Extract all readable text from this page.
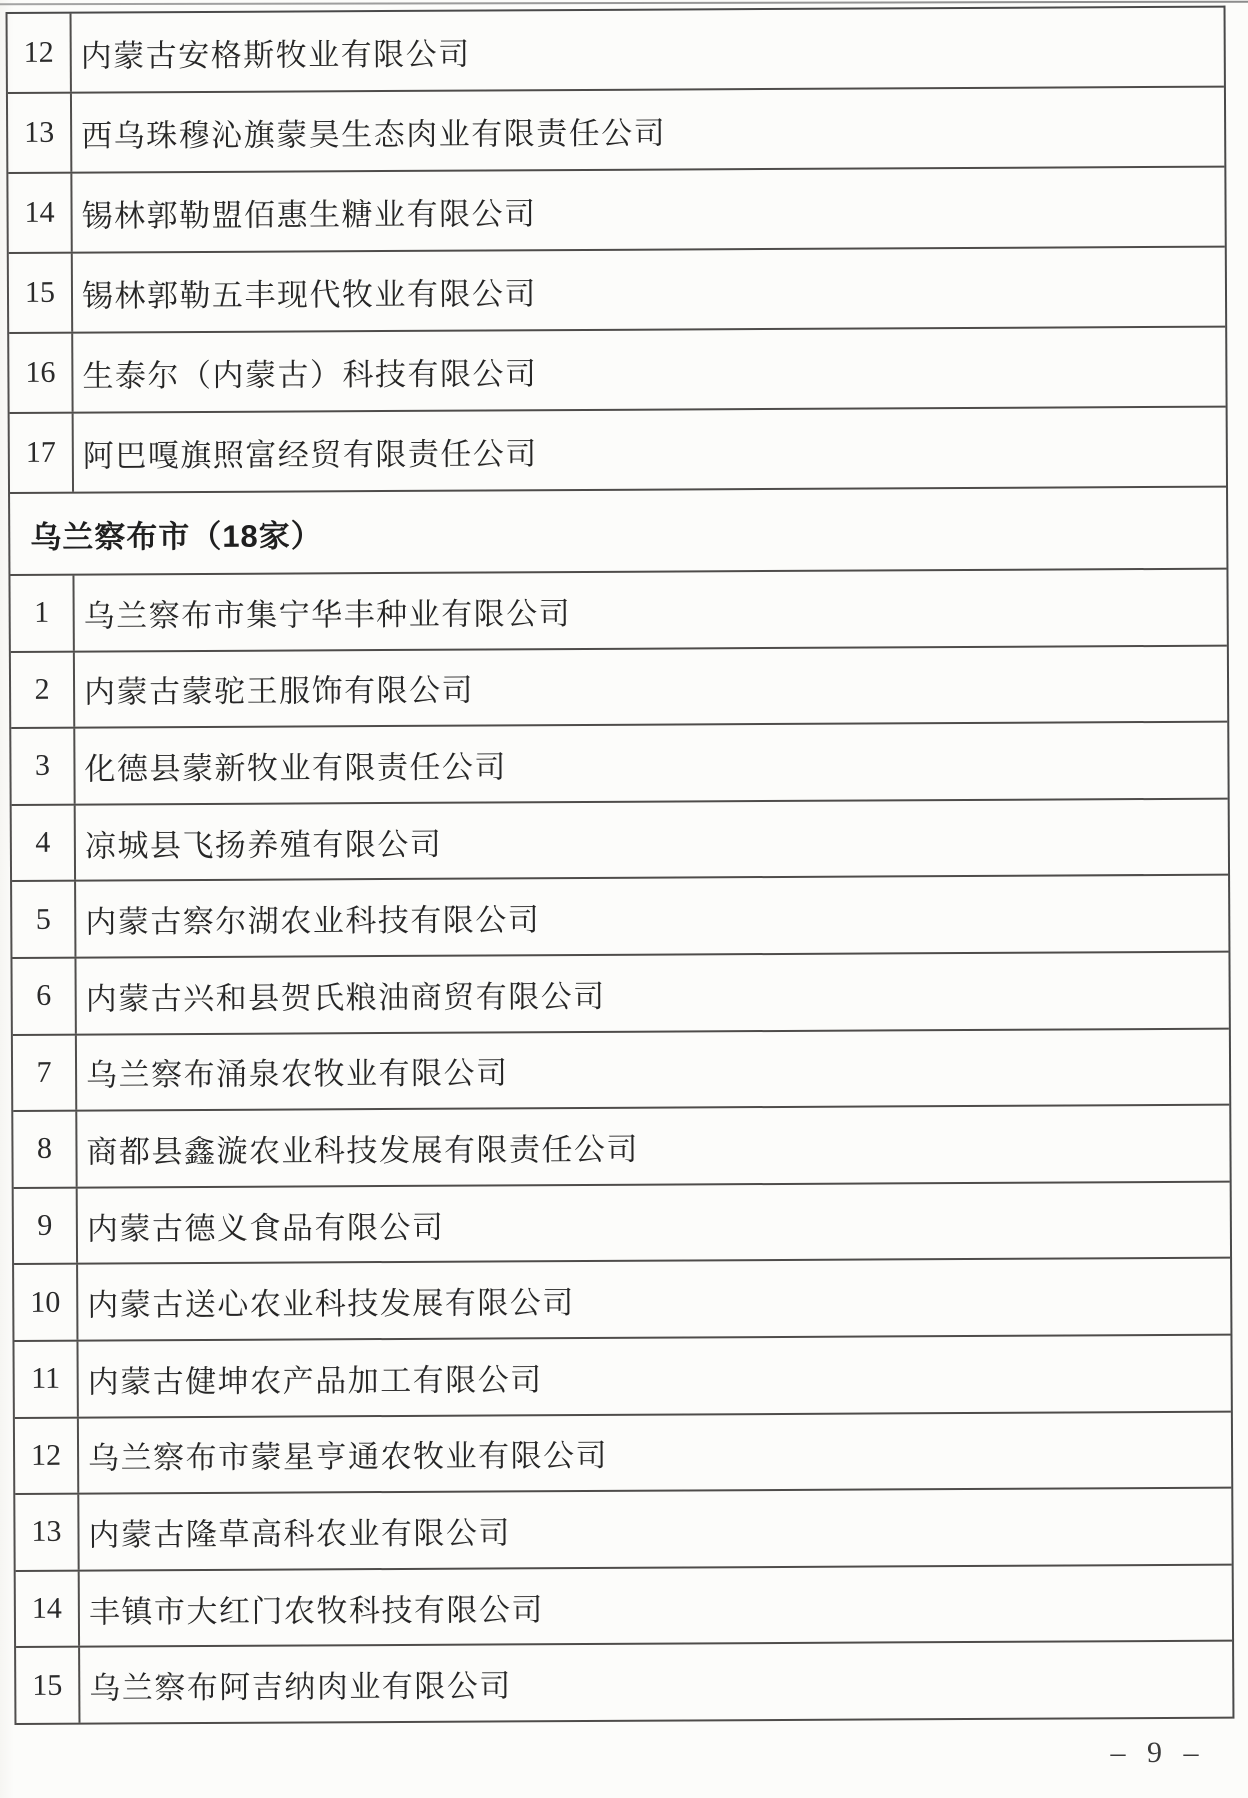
12 内蒙古安格斯牧业有限公司
13 西乌珠穆沁旗蒙昊生态肉业有限责任公司
14 锡林郭勒盟佰惠生糖业有限公司
15 锡林郭勒五丰现代牧业有限公司
16 生泰尔（内蒙古）科技有限公司
17 阿巴嘎旗照富经贸有限责任公司
乌兰察布市（18家）
1	乌兰察布市集宁华丰种业有限公司
2	内蒙古蒙驼王服饰有限公司
3	化德县蒙新牧业有限责任公司
4	凉城县飞扬养殖有限公司
5	内蒙古察尔湖农业科技有限公司
6	内蒙古兴和县贺氏粮油商贸有限公司
7	乌兰察布涌泉农牧业有限公司
8	商都县鑫漩农业科技发展有限责任公司
9	内蒙古德义食品有限公司
10 内蒙古送心农业科技发展有限公司
11 内蒙古健坤农产品加工有限公司
12 乌兰察布市蒙星亨通农牧业有限公司
13 内蒙古隆草高科农业有限公司
14 丰镇市大红门农牧科技有限公司
15 乌兰察布阿吉纳肉业有限公司
– 9 –
